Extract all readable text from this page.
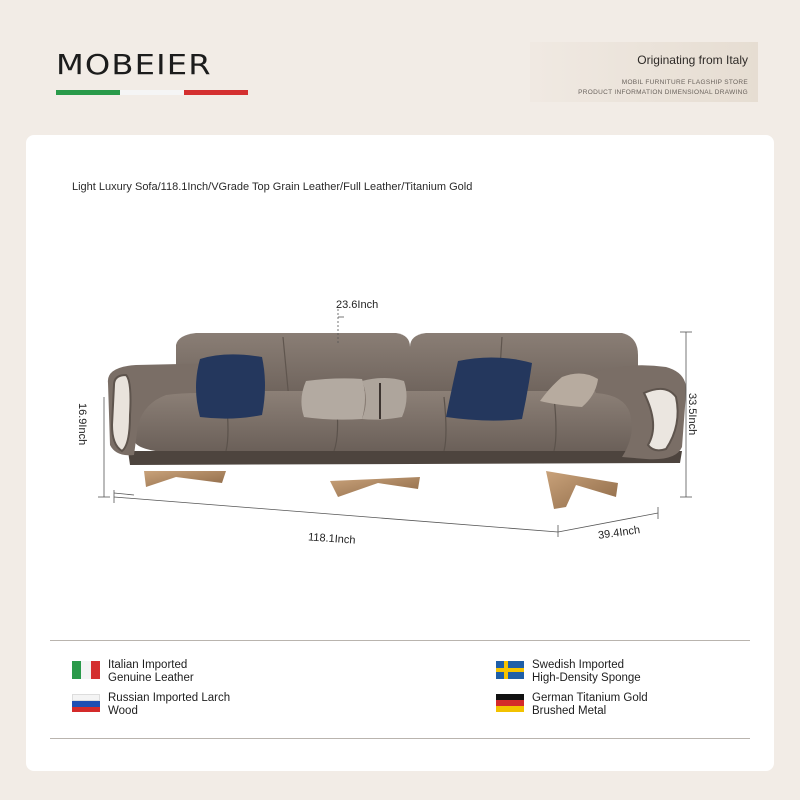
MOBEIER	Originating from Italy
MOBIL FURNITURE FLAGSHIP STORE
PRODUCT INFORMATION DIMENSIONAL DRAWING
Light Luxury Sofa/118.1Inch/VGrade Top Grain Leather/Full Leather/Titanium Gold
23.6Inch
33.5Inch
16.9Inch
118.1Inch	39.4Inch
Italian Imported
Genuine Leather
Swedish Imported
High-Density Sponge
Russian Imported Larch
Wood
German Titanium Gold
Brushed Metal
